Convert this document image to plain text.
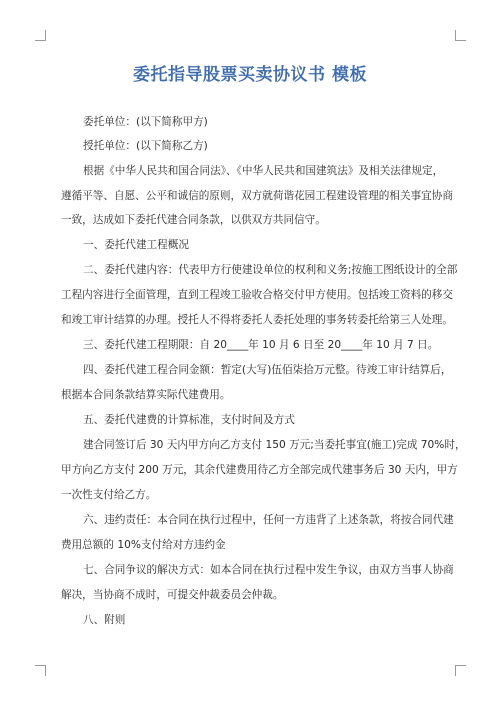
委托指导股票买卖协议书 模板
委托单位：(以下简称甲方)
授托单位：(以下简称乙方)
根据《中华人民共和国合同法》、《中华人民共和国建筑法》及相关法律规定，
遵循平等、自愿、公平和诚信的原则，双方就荷谐花园工程建设管理的相关事宜协商
一致，达成如下委托代建合同条款，以供双方共同信守。
一、委托代建工程概况
二、委托代建内容：代表甲方行使建设单位的权利和义务;按施工图纸设计的全部
工程内容进行全面管理，直到工程竣工验收合格交付甲方使用。包括竣工资料的移交
和竣工审计结算的办理。授托人不得将委托人委托处理的事务转委托给第三人处理。
三、委托代建工程期限：自 20____年 10 月 6 日至 20____年 10 月 7 日。
四、委托代建工程合同金额：暂定(大写)伍佰柒拾万元整。待竣工审计结算后，
根据本合同条款结算实际代建费用。
五、委托代建费的计算标准，支付时间及方式
建合同签订后 30 天内甲方向乙方支付 150 万元;当委托事宜(施工)完成 70%时，
甲方向乙方支付 200 万元，其余代建费用待乙方全部完成代建事务后 30 天内，甲方
一次性支付给乙方。
六、违约责任：本合同在执行过程中，任何一方违背了上述条款，将按合同代建
费用总额的 10%支付给对方违约金
七、合同争议的解决方式：如本合同在执行过程中发生争议，由双方当事人协商
解决，当协商不成时，可提交仲裁委员会仲裁。
八、附则
